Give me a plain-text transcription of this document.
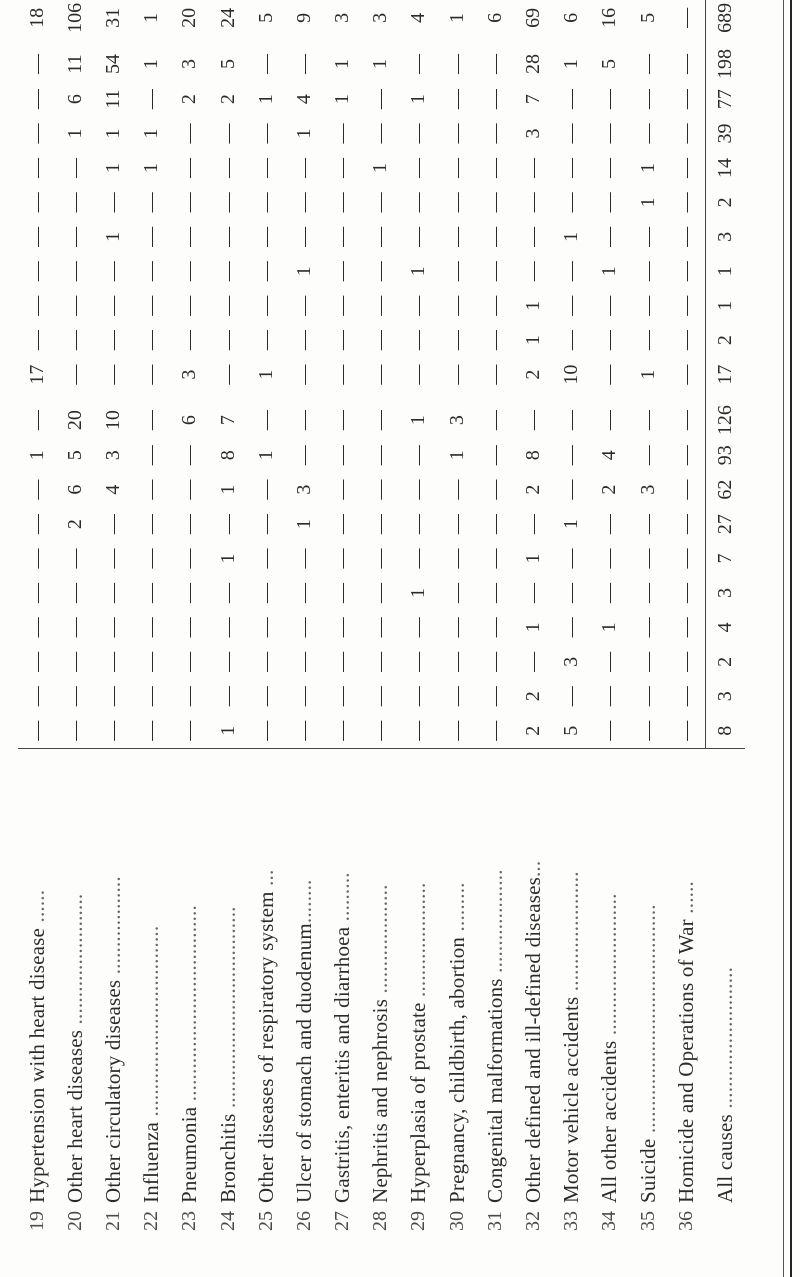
19	Hypertension with heart disease ......	—	—	—	—	—	—	—	—	1	—		17	—	—	—	—	—	—	—	—	—		18
20	Other heart diseases ........................	—	—	—	—	—	—	2	6	5	20		—	—	—	—	—	—	—	1	6	11		106
21	Other circulatory diseases ..................	—	—	—	—	—	—	—	4	3	10		—	—	—	—	1	—	1	1	11	54		31
22	Influenza ...................................	—	—	—	—	—	—	—	—	—	—		—	—	—	—	—	—	1	1	—	1		1
23	Pneumonia ....................................	—	—	—	—	—	—	—	—	—	6		3	—	—	—	—	—	—	—	2	3		20
24	Bronchitis .....................................	1	—	—	—	—	1	—	1	8	7		—	—	—	—	—	—	—	—	2	5		24
25	Other diseases of respiratory system ...	—	—	—	—	—	—	—	—	1	—		1	—	—	—	—	—	—	—	1	—		5
26	Ulcer of stomach and duodenum........	—	—	—	—	—	—	1	3	—	—		—	—	—	1	—	—	—	1	4	—		9
27	Gastritis, enteritis and diarrhoea .........	—	—	—	—	—	—	—	—	—	—		—	—	—	—	—	—	—	—	1	1		3
28	Nephritis and nephrosis ....................	—	—	—	—	—	—	—	—	—	—		—	—	—	—	—	—	1	—	—	1		3
29	Hyperplasia of prostate .....................	—	—	—	—	1	—	—	—	—	1		—	—	—	1	—	—	—	—	1	—		4
30	Pregnancy, childbirth, abortion .........	—	—	—	—	—	—	—	—	1	3		—	—	—	—	—	—	—	—	—	—		1
31	Congenital malformations ...................	—	—	—	—	—	—	—	—	—	—		—	—	—	—	—	—	—	—	—	—		6
32	Other defined and ill-defined diseases...	2	2	—	1	—	1	—	2	8	—		2	1	1	—	—	—	—	3	7	28		69
33	Motor vehicle accidents ......................	5	—	3	—	—	—	1	—	—	—		10	—	—	—	1	—	—	—	—	1		6
34	All other accidents ..........................	—	—	—	1	—	—	—	2	4	—		—	—	—	1	—	—	—	—	—	5		16
35	Suicide ..........................................	—	—	—	—	—	—	—	3	—	—		1	—	—	—	—	1	1	—	—	—		5
36	Homicide and Operations of War ......	—	—	—	—	—	—	—	—	—	—		—	—	—	—	—	—	—	—	—	—		—
	All causes ..........................	8	3	2	4	3	7	27	62	93	126		17	2	1	1	3	2	14	39	77	198		689
